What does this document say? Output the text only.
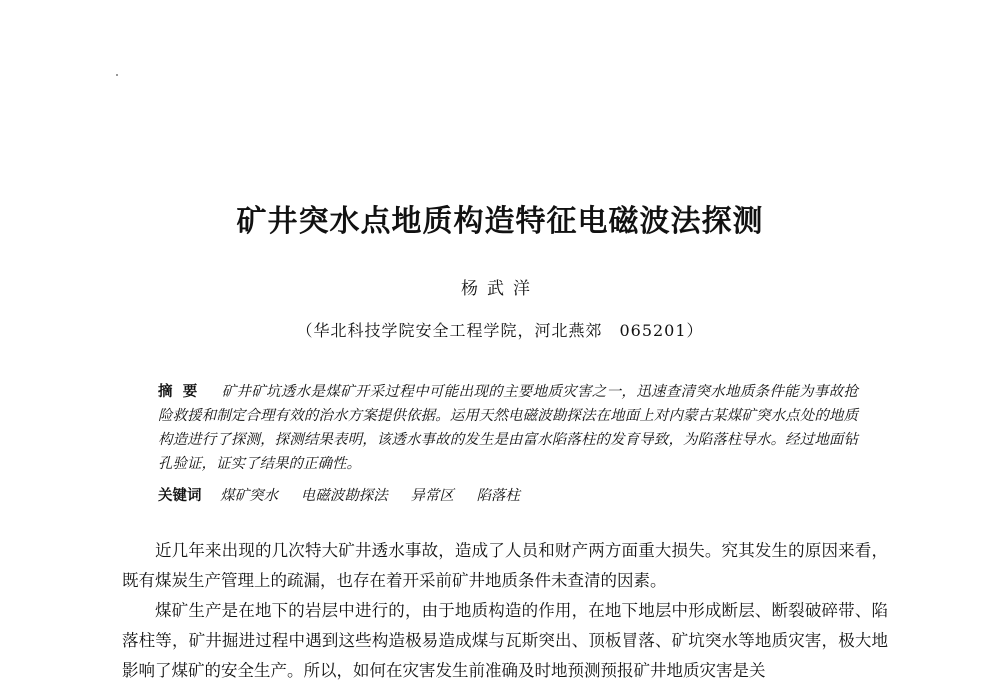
矿井突水点地质构造特征电磁波法探测
杨武洋
（华北科技学院安全工程学院，河北燕郊　065201）
摘要 矿井矿坑透水是煤矿开采过程中可能出现的主要地质灾害之一，迅速查清突水地质条件能为事故抢险救援和制定合理有效的治水方案提供依据。运用天然电磁波勘探法在地面上对内蒙古某煤矿突水点处的地质构造进行了探测，探测结果表明，该透水事故的发生是由富水陷落柱的发育导致，为陷落柱导水。经过地面钻孔验证，证实了结果的正确性。
关键词 煤矿突水 电磁波勘探法 异常区 陷落柱

近几年来出现的几次特大矿井透水事故，造成了人员和财产两方面重大损失。究其发生的原因来看，既有煤炭生产管理上的疏漏，也存在着开采前矿井地质条件未查清的因素。

煤矿生产是在地下的岩层中进行的，由于地质构造的作用，在地下地层中形成断层、断裂破碎带、陷落柱等，矿井掘进过程中遇到这些构造极易造成煤与瓦斯突出、顶板冒落、矿坑突水等地质灾害，极大地影响了煤矿的安全生产。所以，如何在灾害发生前准确及时地预测预报矿井地质灾害是关
